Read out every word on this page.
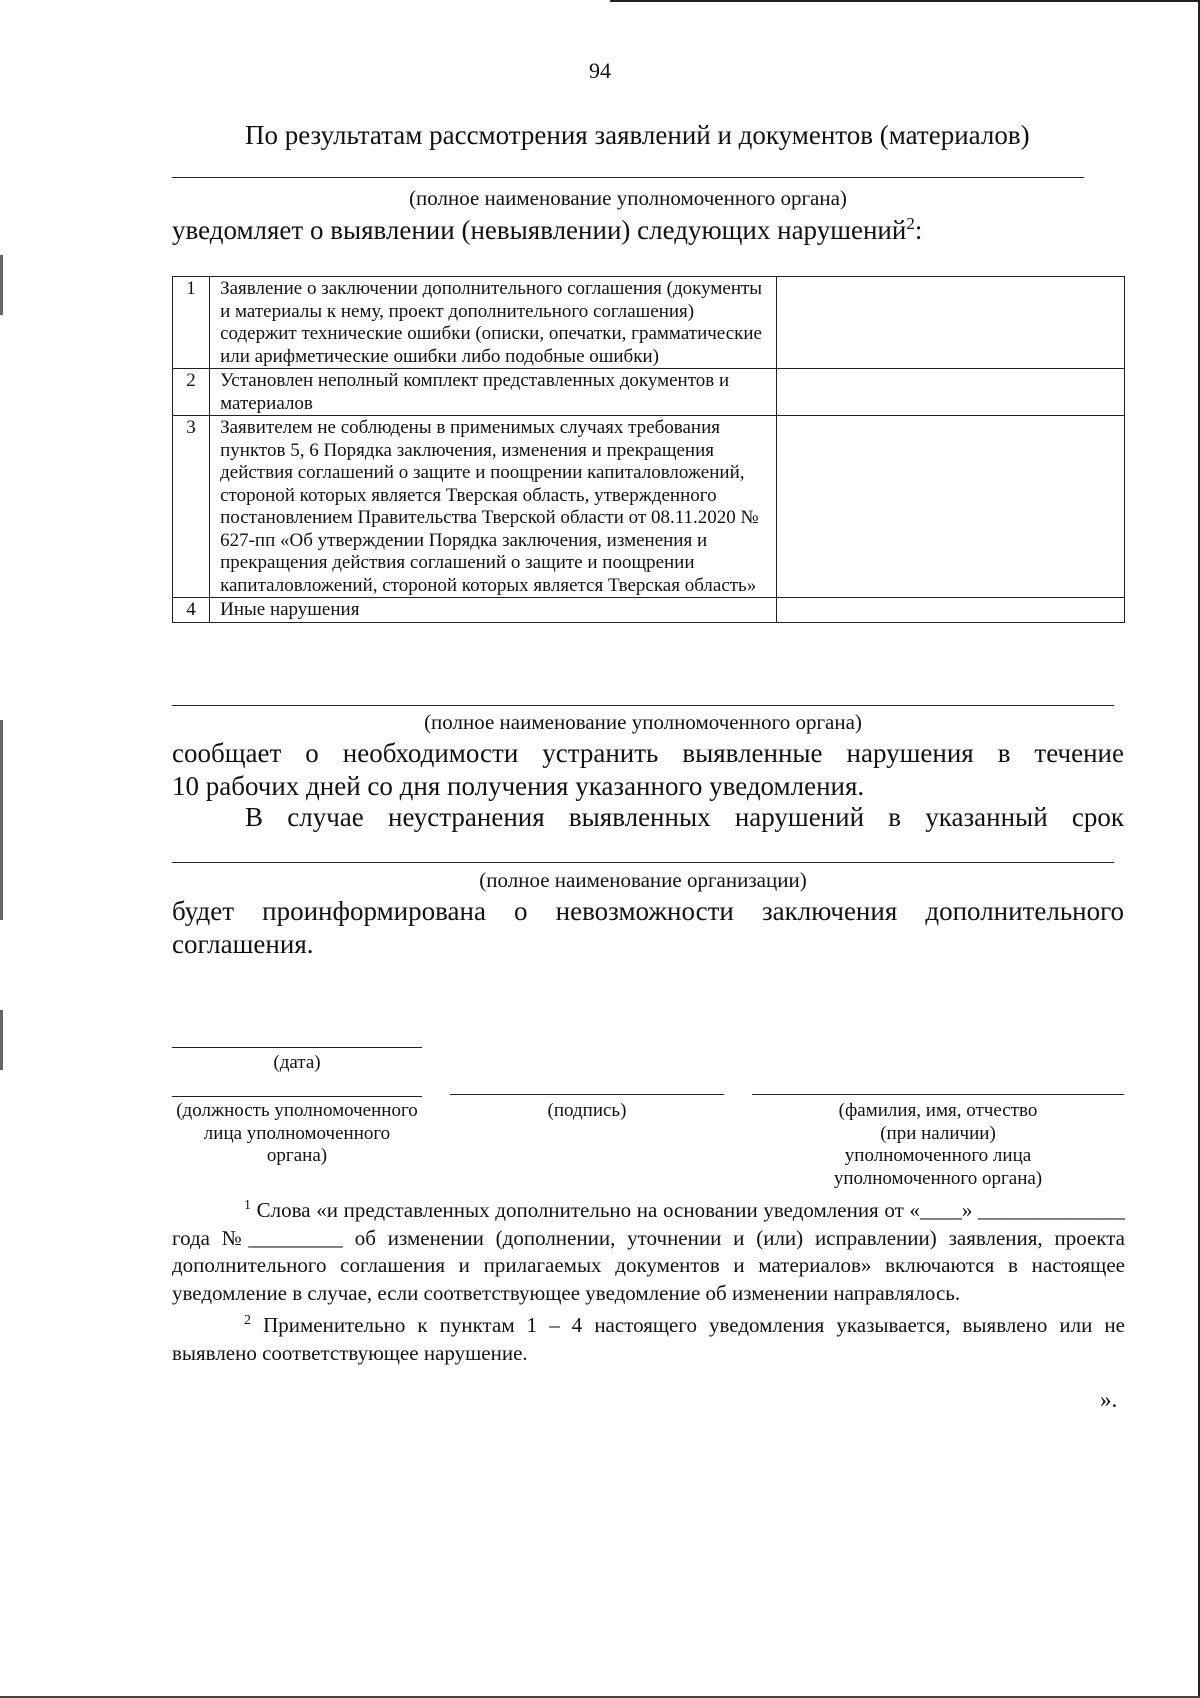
94
По результатам рассмотрения заявлений и документов (материалов)
(полное наименование уполномоченного органа)
уведомляет о выявлении (невыявлении) следующих нарушений$^2$:
1	Заявление о заключении дополнительного соглашения (документы и материалы к нему, проект дополнительного соглашения) содержит технические ошибки (описки, опечатки, грамматические или арифметические ошибки либо подобные ошибки)	
2	Установлен неполный комплект представленных документов и материалов	
3	Заявителем не соблюдены в применимых случаях требования пунктов 5, 6 Порядка заключения, изменения и прекращения действия соглашений о защите и поощрении капиталовложений, стороной которых является Тверская область, утвержденного постановлением Правительства Тверской области от 08.11.2020 № 627-пп «Об утверждении Порядка заключения, изменения и прекращения действия соглашений о защите и поощрении капиталовложений, стороной которых является Тверская область»	
4	Иные нарушения	
(полное наименование уполномоченного органа)
сообщает о необходимости устранить выявленные нарушения в течение
10 рабочих дней со дня получения указанного уведомления.
В случае неустранения выявленных нарушений в указанный срок
(полное наименование организации)
будет проинформирована о невозможности заключения дополнительного
соглашения.
(дата)
(должность уполномоченного лица уполномоченного органа)
(подпись)	(фамилия, имя, отчество (при наличии) уполномоченного лица уполномоченного органа)

$^1$ Слова «и представленных дополнительно на основании уведомления от «____» ______________ года №_________ об изменении (дополнении, уточнении и (или) исправлении) заявления, проекта дополнительного соглашения и прилагаемых документов и материалов» включаются в настоящее уведомление в случае, если соответствующее уведомление об изменении направлялось.

$^2$ Применительно к пунктам 1 – 4 настоящего уведомления указывается, выявлено или не выявлено соответствующее нарушение.

».
